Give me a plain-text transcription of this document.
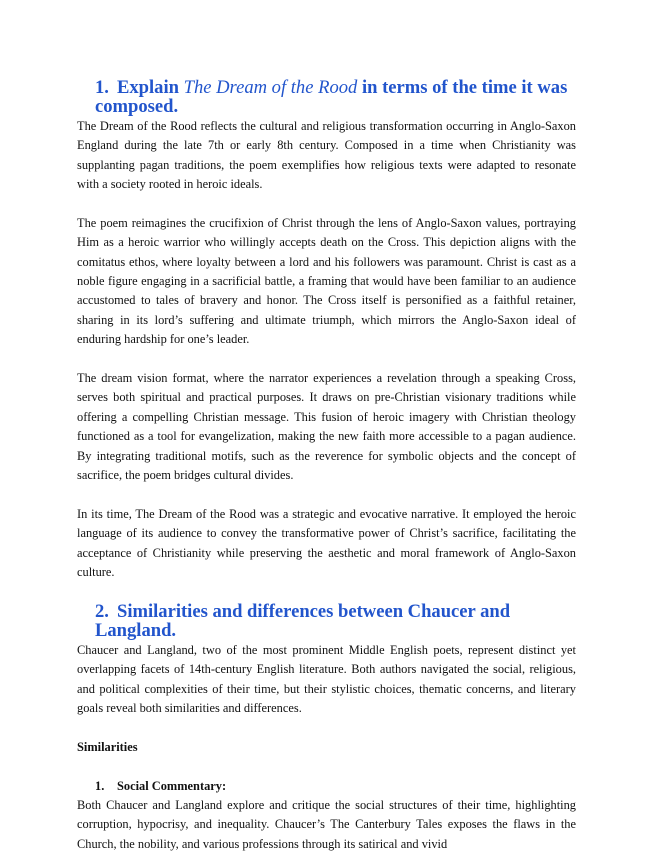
1. Explain The Dream of the Rood in terms of the time it was composed.

The Dream of the Rood reflects the cultural and religious transformation occurring in Anglo-Saxon England during the late 7th or early 8th century. Composed in a time when Christianity was supplanting pagan traditions, the poem exemplifies how religious texts were adapted to resonate with a society rooted in heroic ideals.

The poem reimagines the crucifixion of Christ through the lens of Anglo-Saxon values, portraying Him as a heroic warrior who willingly accepts death on the Cross. This depiction aligns with the comitatus ethos, where loyalty between a lord and his followers was paramount. Christ is cast as a noble figure engaging in a sacrificial battle, a framing that would have been familiar to an audience accustomed to tales of bravery and honor. The Cross itself is personified as a faithful retainer, sharing in its lord’s suffering and ultimate triumph, which mirrors the Anglo-Saxon ideal of enduring hardship for one’s leader.

The dream vision format, where the narrator experiences a revelation through a speaking Cross, serves both spiritual and practical purposes. It draws on pre-Christian visionary traditions while offering a compelling Christian message. This fusion of heroic imagery with Christian theology functioned as a tool for evangelization, making the new faith more accessible to a pagan audience. By integrating traditional motifs, such as the reverence for symbolic objects and the concept of sacrifice, the poem bridges cultural divides.

In its time, The Dream of the Rood was a strategic and evocative narrative. It employed the heroic language of its audience to convey the transformative power of Christ’s sacrifice, facilitating the acceptance of Christianity while preserving the aesthetic and moral framework of Anglo-Saxon culture.

2. Similarities and differences between Chaucer and Langland.

Chaucer and Langland, two of the most prominent Middle English poets, represent distinct yet overlapping facets of 14th-century English literature. Both authors navigated the social, religious, and political complexities of their time, but their stylistic choices, thematic concerns, and literary goals reveal both similarities and differences.

Similarities
1. Social Commentary:

Both Chaucer and Langland explore and critique the social structures of their time, highlighting corruption, hypocrisy, and inequality. Chaucer’s The Canterbury Tales exposes the flaws in the Church, the nobility, and various professions through its satirical and vivid
